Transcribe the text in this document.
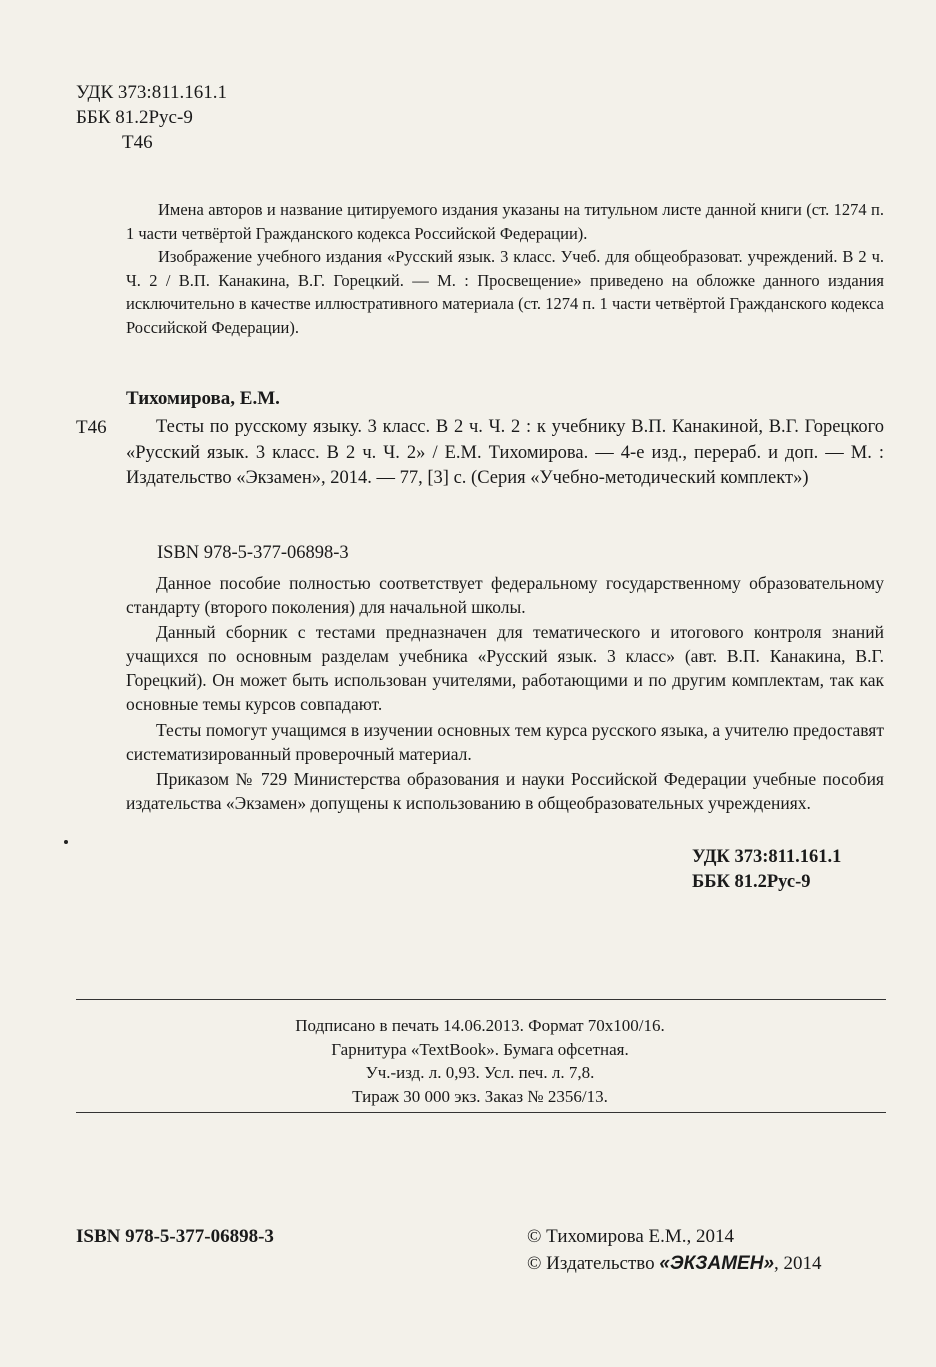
УДК 373:811.161.1
ББК 81.2Рус-9
Т46
Имена авторов и название цитируемого издания указаны на титульном листе данной книги (ст. 1274 п. 1 части четвёртой Гражданского кодекса Российской Федерации).
Изображение учебного издания «Русский язык. 3 класс. Учеб. для общеобразоват. учреждений. В 2 ч. Ч. 2 / В.П. Канакина, В.Г. Горецкий. — М. : Просвещение» приведено на обложке данного издания исключительно в качестве иллюстративного материала (ст. 1274 п. 1 части четвёртой Гражданского кодекса Российской Федерации).
Тихомирова, Е.М.
Т46	Тесты по русскому языку. 3 класс. В 2 ч. Ч. 2 : к учебнику В.П. Канакиной, В.Г. Горецкого «Русский язык. 3 класс. В 2 ч. Ч. 2» / Е.М. Тихомирова. — 4-е изд., перераб. и доп. — М. : Издательство «Экзамен», 2014. — 77, [3] с. (Серия «Учебно-методический комплект»)
ISBN 978-5-377-06898-3
Данное пособие полностью соответствует федеральному государственному образовательному стандарту (второго поколения) для начальной школы.
Данный сборник с тестами предназначен для тематического и итогового контроля знаний учащихся по основным разделам учебника «Русский язык. 3 класс» (авт. В.П. Канакина, В.Г. Горецкий). Он может быть использован учителями, работающими и по другим комплектам, так как основные темы курсов совпадают.
Тесты помогут учащимся в изучении основных тем курса русского языка, а учителю предоставят систематизированный проверочный материал.
Приказом № 729 Министерства образования и науки Российской Федерации учебные пособия издательства «Экзамен» допущены к использованию в общеобразовательных учреждениях.
УДК 373:811.161.1
ББК 81.2Рус-9
Подписано в печать 14.06.2013. Формат 70х100/16.
Гарнитура «TextBook». Бумага офсетная.
Уч.-изд. л. 0,93. Усл. печ. л. 7,8.
Тираж 30 000 экз. Заказ № 2356/13.
ISBN 978-5-377-06898-3	© Тихомирова Е.М., 2014
© Издательство «ЭКЗАМЕН», 2014
